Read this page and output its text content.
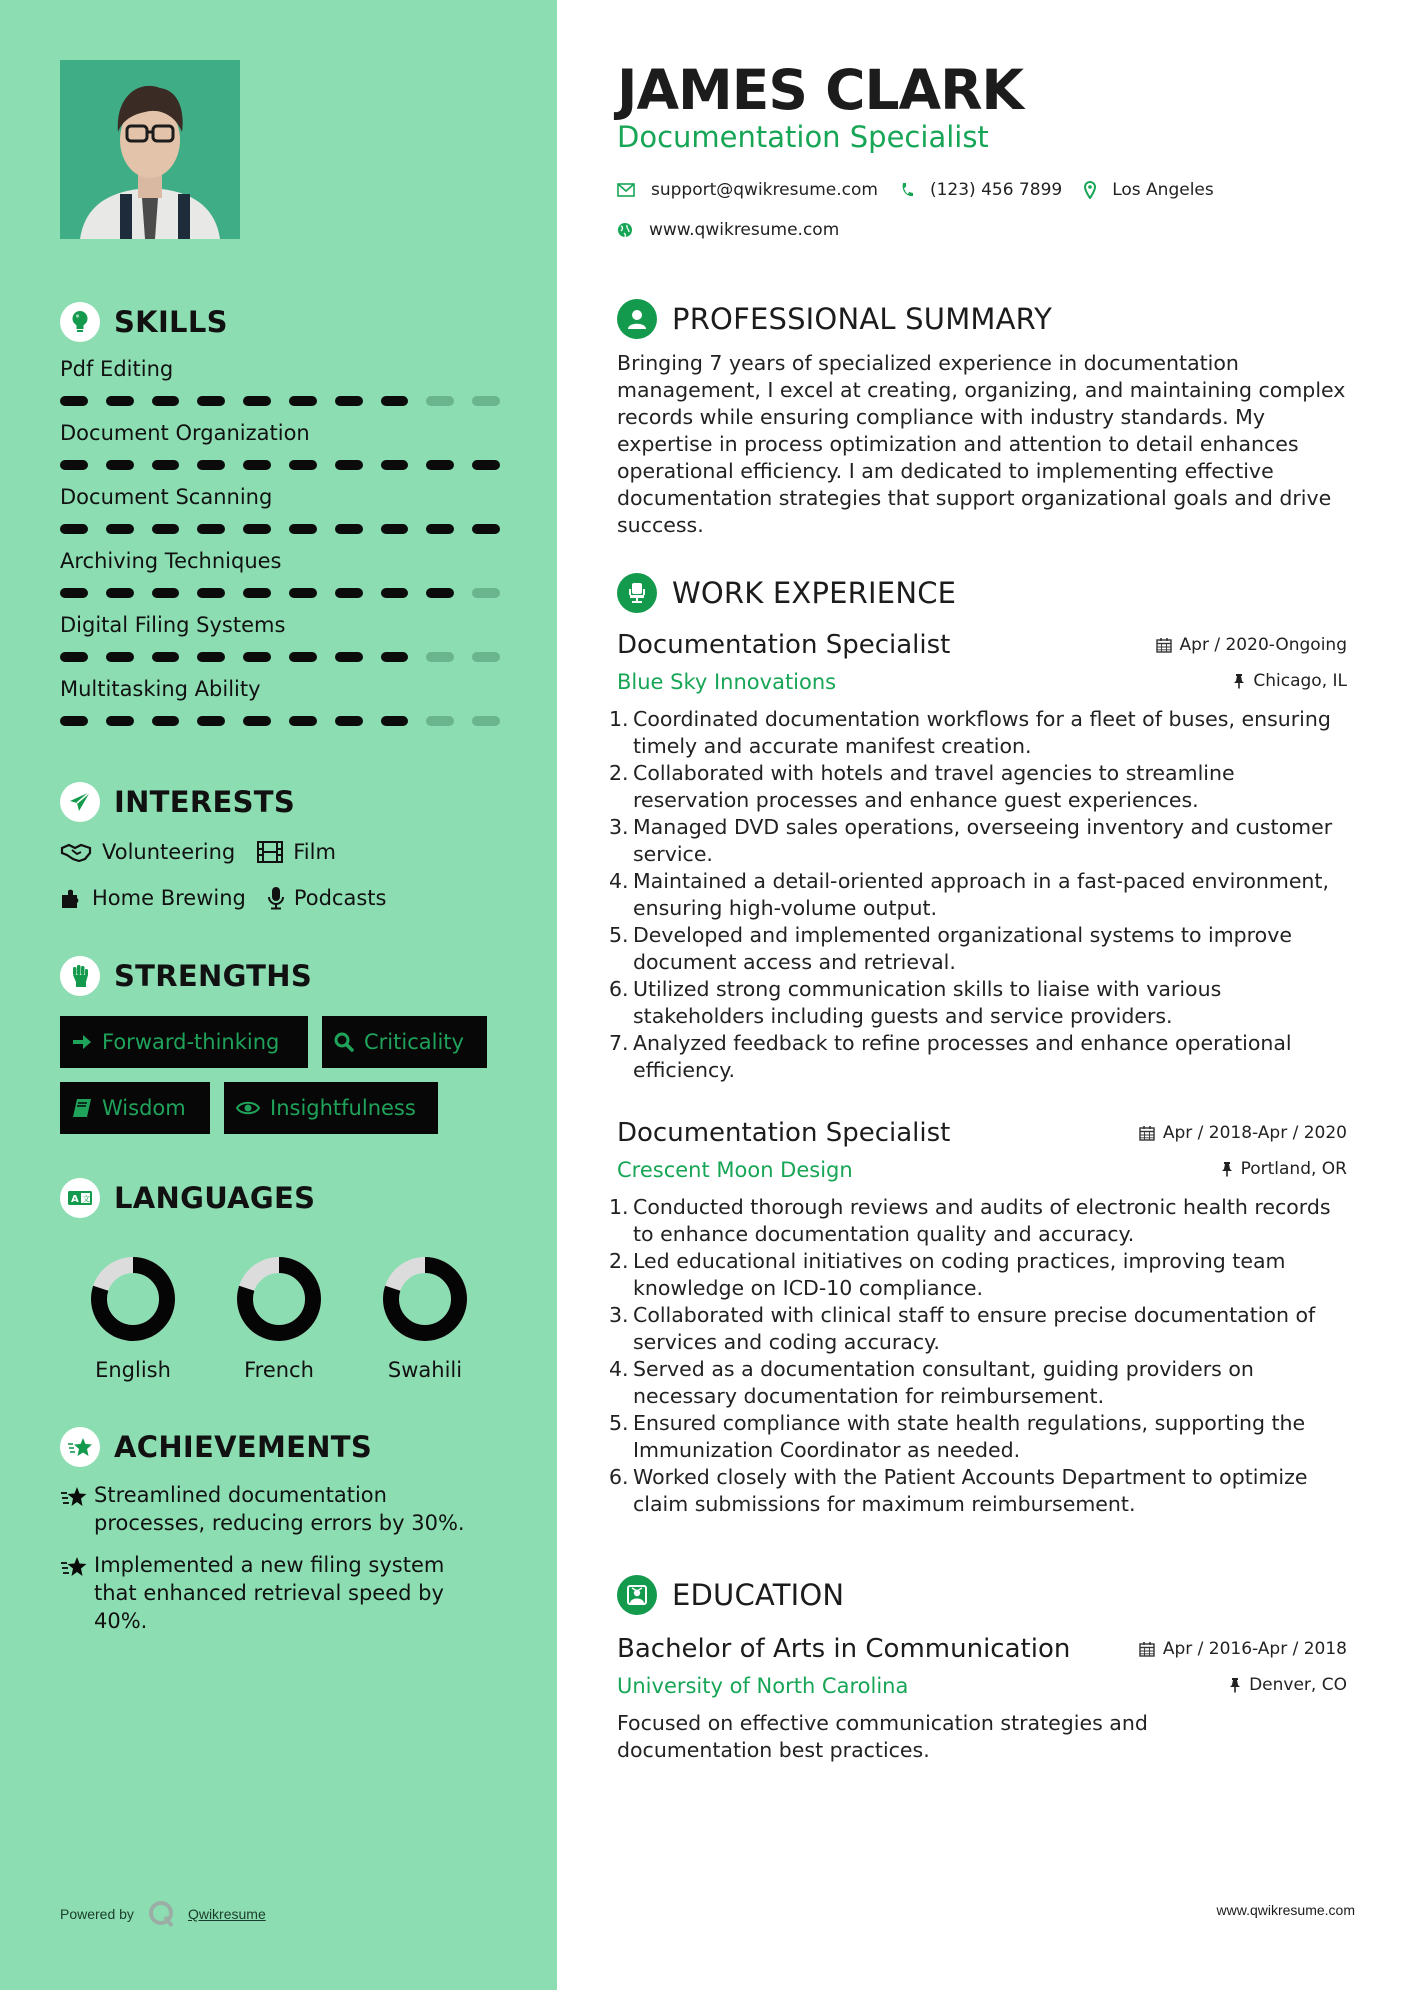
SKILLS
Pdf Editing
Document Organization
Document Scanning
Archiving Techniques
Digital Filing Systems
Multitasking Ability
INTERESTS
Volunteering	Film
Home Brewing Podcasts
STRENGTHS
Forward-thinking	Criticality
Wisdom	Insightfulness
A 文 LANGUAGES
English	French	Swahili
ACHIEVEMENTS
Streamlined documentation processes, reducing errors by 30%.
Implemented a new filing system that enhanced retrieval speed by 40%.
Powered by	Qwikresume
JAMES CLARK
Documentation Specialist
support@qwikresume.com	(123) 456 7899	Los Angeles
www.qwikresume.com
PROFESSIONAL SUMMARY

Bringing 7 years of specialized experience in documentation management, I excel at creating, organizing, and maintaining complex records while ensuring compliance with industry standards. My expertise in process optimization and attention to detail enhances operational efficiency. I am dedicated to implementing effective documentation strategies that support organizational goals and drive success.

WORK EXPERIENCE
Documentation Specialist	Apr / 2020-Ongoing
Blue Sky Innovations	Chicago, IL
1. Coordinated documentation workflows for a fleet of buses, ensuring timely and accurate manifest creation.
2. Collaborated with hotels and travel agencies to streamline reservation processes and enhance guest experiences.
3. Managed DVD sales operations, overseeing inventory and customer service.
4. Maintained a detail-oriented approach in a fast-paced environment, ensuring high-volume output.
5. Developed and implemented organizational systems to improve document access and retrieval.
6. Utilized strong communication skills to liaise with various stakeholders including guests and service providers.
7. Analyzed feedback to refine processes and enhance operational efficiency.
Documentation Specialist	Apr / 2018-Apr / 2020
Crescent Moon Design	Portland, OR
1. Conducted thorough reviews and audits of electronic health records to enhance documentation quality and accuracy.
2. Led educational initiatives on coding practices, improving team knowledge on ICD-10 compliance.
3. Collaborated with clinical staff to ensure precise documentation of services and coding accuracy.
4. Served as a documentation consultant, guiding providers on necessary documentation for reimbursement.
5. Ensured compliance with state health regulations, supporting the Immunization Coordinator as needed.
6. Worked closely with the Patient Accounts Department to optimize claim submissions for maximum reimbursement.
EDUCATION
Bachelor of Arts in Communication	Apr / 2016-Apr / 2018
University of North Carolina	Denver, CO

Focused on effective communication strategies and documentation best practices.

www.qwikresume.com
